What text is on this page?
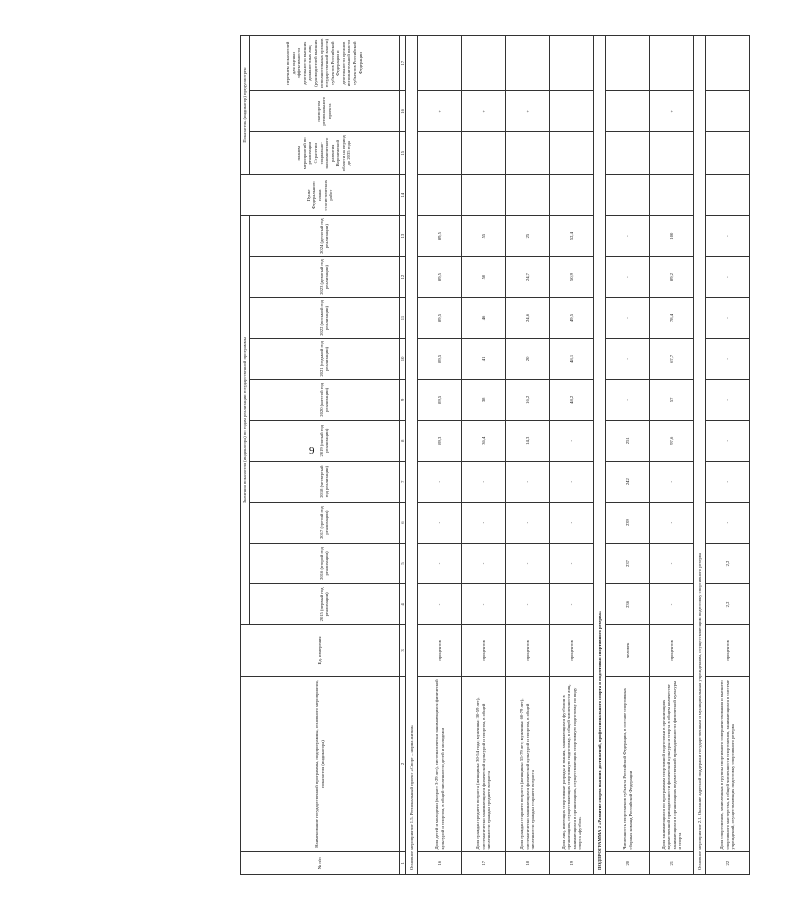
9
№ п/п	Наименование государственной программы, подпрограммы, основного мероприятия, показателя (индикатора)	Ед. измерения	Значения показателя (индикатора) по годам реализации государственной программы										Пункт Федерального плана статистических работ	Показатель (индикатор) предусмотрен		
			2015 (первый год реализации)	2016 (второй год реализации)	2017 (третий год реализации)	2018 (четвертый год реализации)	2019 (пятый год реализации)	2020 (шестой год реализации)	2021 (седьмой год реализации)	2022 (восьмой год реализации)	2023 (девятый год реализации)	2024 (десятый год реализации)		планом мероприятий по реализации Стратегии социально-экономического развития Воронежской области на период до 2035 года	паспортом регионального проекта	перечнем показателей для оценки эффективности деятельности высших должностных лиц (руководителей высших исполнительных органов государственной власти) субъектов Российской Федерации и деятельности органов исполнительной власти субъектов Российской Федерации
1	2	3	4	5	6	7	8	9	10	11	12	13	14	15	16	17
Основное мероприятие 1.5. Региональный проект «Спорт – норма жизни»																
16	Доля детей и молодежи (возраст 3-29 лет), систематически занимающихся физической культурой и спортом, в общей численности детей и молодежи	процентов	-	-	-	-	89,3	89,5	89,5	89,5	89,5	89,5			+	
17	Доля граждан среднего возраста (женщины: 30-54 года; мужчины: 30-59 лет), систематически занимающихся физической культурой и спортом, в общей численности граждан среднего возраста	процентов	-	-	-	-	36,4	38	41	46	50	55			+	
18	Доля граждан старшего возраста (женщины: 55-79 лет; мужчины: 60-79 лет), систематически занимающихся физической культурой и спортом, в общей численности граждан старшего возраста	процентов	-	-	-	-	14,3	16,2	20	24,6	24,7	25			+	
19	Доля лиц, имеющих спортивные разряды и звания, занимающихся футболом в организациях, осуществляющих спортивную подготовку, в общей численности лиц, занимающихся в организациях, осуществляющих спортивную подготовку по виду спорта «футбол»	процентов	-	-	-	-	-	48,2	48,1	49,5	50,9	52,4				
ПОДПРОГРАММА 2 «Развитие спорта высших достижений, профессионального спорта и подготовки спортивного резерва»																
20	Численность спортсменов субъекта Российской Федерации, в составе спортивных сборных команд Российской Федерации	человек	236	237	239	242	251	-	-	-	-	-				
21	Доля занимающихся по программам спортивной подготовки в организациях ведомственной принадлежности физической культуры и спорта в общем количестве занимающихся в организациях ведомственной принадлежности физической культуры и спорта	процентов	-	-	-	-	97,6	57	67,7	78,4	89,2	100			+	
Основное мероприятие 2.1. Оказание адресной поддержки государственным и муниципальным учреждениям, осуществляющим подготовку спортивного резерва																
22	Доля спортсменов, зачисленных в группы спортивного совершенствования и высшего спортивного мастерства, в общей численности спортсменов, занимающихся в системе учреждений, осуществляющих подготовку спортивного резерва	процентов	2,2	2,2	-	-	-	-	-	-	-	-				
